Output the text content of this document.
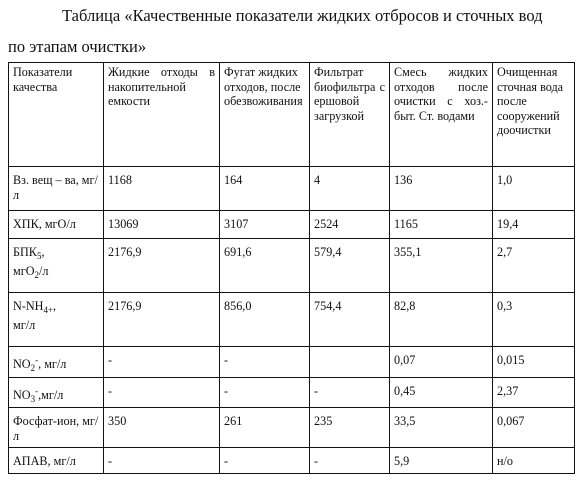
Таблица «Качественные показатели жидких отбросов и сточных вод
по этапам очистки»
Показатели качества	Жидкие отходы в накопительной емкости	Фугат жидких отходов, после обезвоживания	Фильтрат биофильтра с ершовой загрузкой	Смесь жидких отходов после очистки с хоз.-быт. Ст. водами	Очищенная сточная вода после сооружений доочистки
Вз. вещ – ва, мг/л	1168	164	4	136	1,0
ХПК, мгО/л	13069	3107	2524	1165	19,4
$БПК_5$,
мгО$_2$/л	2176,9	691,6	579,4	355,1	2,7
$N-NH_{4+}$,
мг/л	2176,9	856,0	754,4	82,8	0,3
$NO_2^-$, мг/л	-	-		0,07	0,015
$NO_3^-,мг/л$	-	-	-	0,45	2,37
Фосфат-ион, мг/л	350	261	235	33,5	0,067
АПАВ, мг/л	-	-	-	5,9	н/о
